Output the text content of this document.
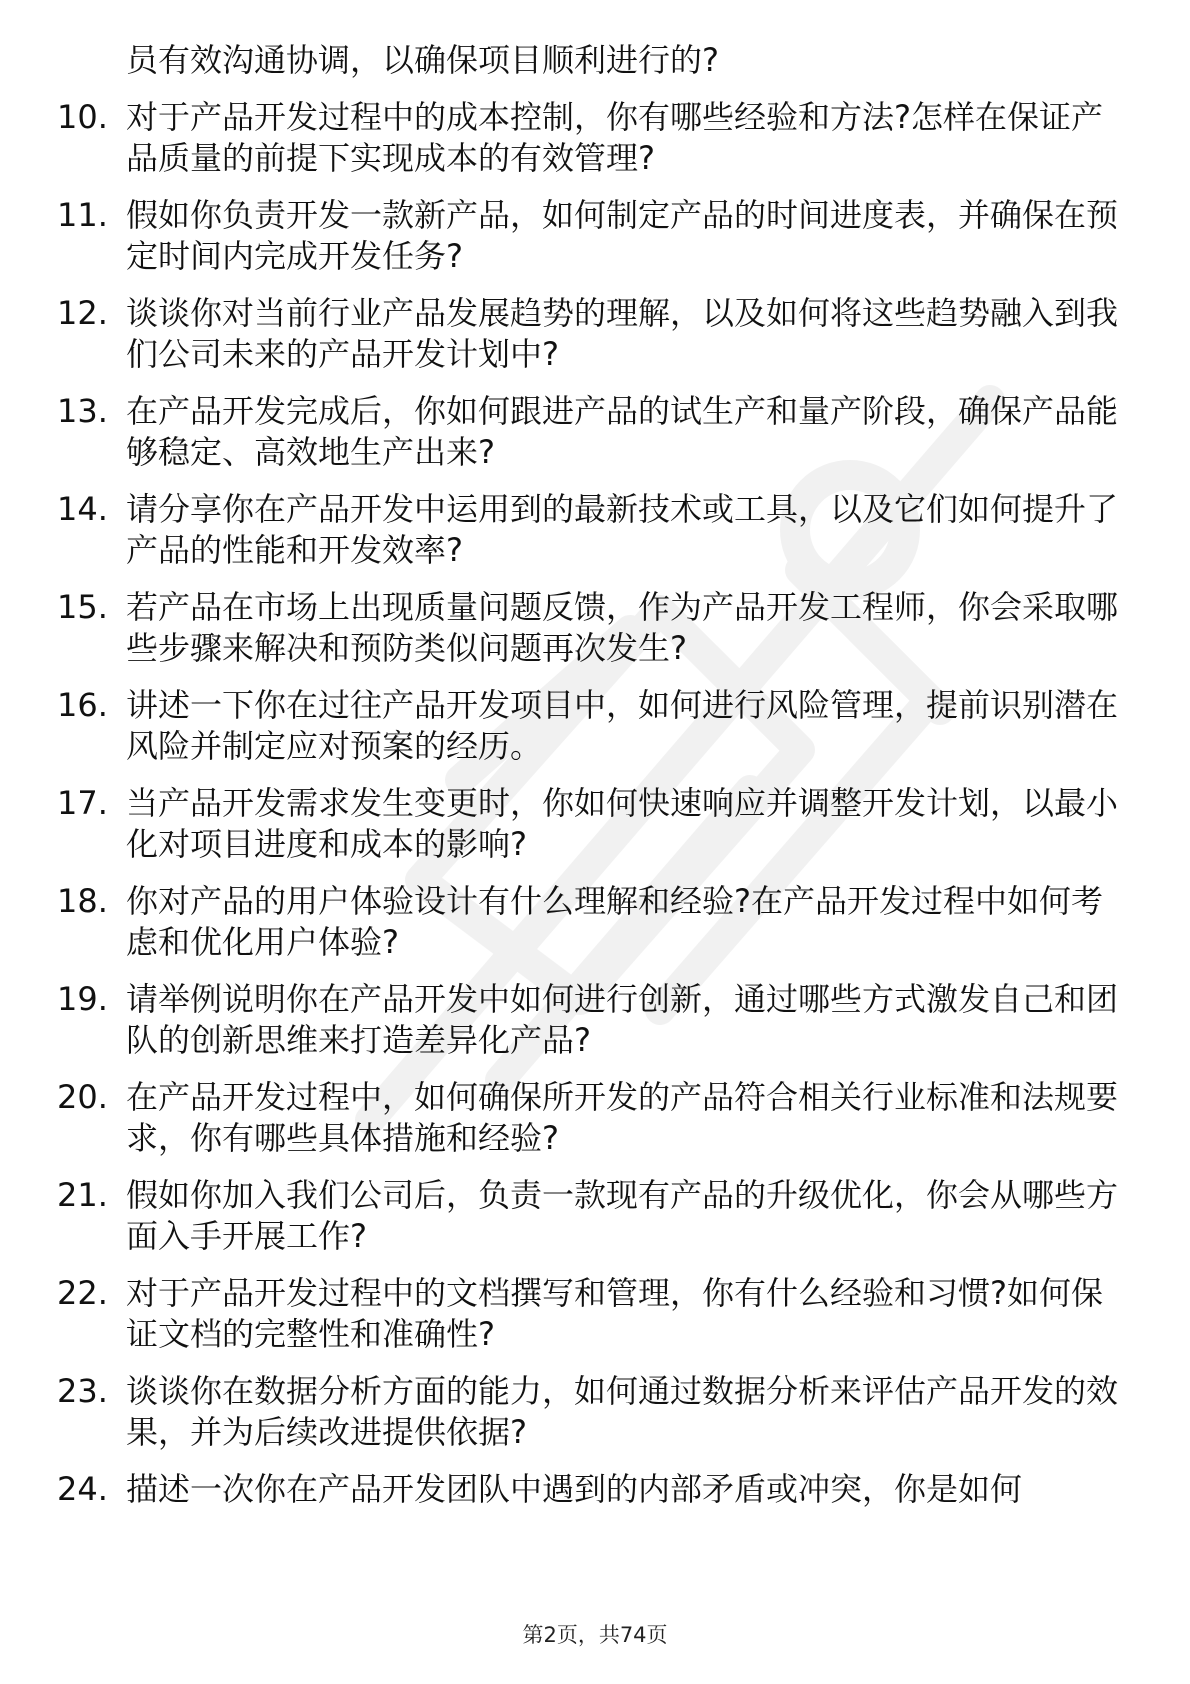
员有效沟通协调，以确保项目顺利进行的?
10. 对于产品开发过程中的成本控制，你有哪些经验和方法?怎样在保证产品质量的前提下实现成本的有效管理?
11. 假如你负责开发一款新产品，如何制定产品的时间进度表，并确保在预定时间内完成开发任务?
12. 谈谈你对当前行业产品发展趋势的理解，以及如何将这些趋势融入到我们公司未来的产品开发计划中?
13. 在产品开发完成后，你如何跟进产品的试生产和量产阶段，确保产品能够稳定、高效地生产出来?
14. 请分享你在产品开发中运用到的最新技术或工具，以及它们如何提升了产品的性能和开发效率?
15. 若产品在市场上出现质量问题反馈，作为产品开发工程师，你会采取哪些步骤来解决和预防类似问题再次发生?
16. 讲述一下你在过往产品开发项目中，如何进行风险管理，提前识别潜在风险并制定应对预案的经历。
17. 当产品开发需求发生变更时，你如何快速响应并调整开发计划，以最小化对项目进度和成本的影响?
18. 你对产品的用户体验设计有什么理解和经验?在产品开发过程中如何考虑和优化用户体验?
19. 请举例说明你在产品开发中如何进行创新，通过哪些方式激发自己和团队的创新思维来打造差异化产品?
20. 在产品开发过程中，如何确保所开发的产品符合相关行业标准和法规要求，你有哪些具体措施和经验?
21. 假如你加入我们公司后，负责一款现有产品的升级优化，你会从哪些方面入手开展工作?
22. 对于产品开发过程中的文档撰写和管理，你有什么经验和习惯?如何保证文档的完整性和准确性?
23. 谈谈你在数据分析方面的能力，如何通过数据分析来评估产品开发的效果，并为后续改进提供依据?
24. 描述一次你在产品开发团队中遇到的内部矛盾或冲突，你是如何
第2页，共74页
